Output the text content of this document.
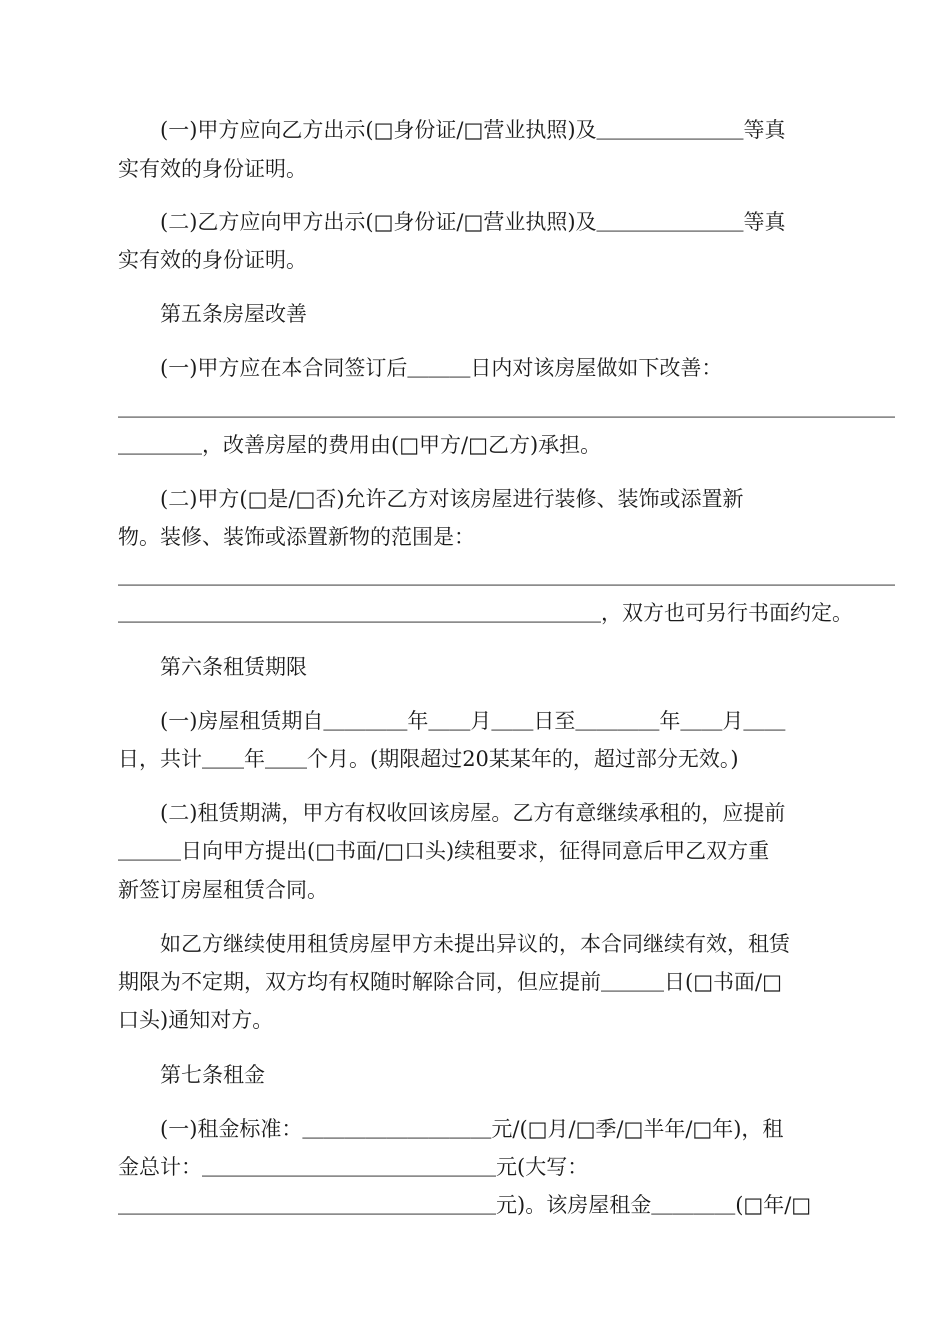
(一)甲方应向乙方出示(□身份证/□营业执照)及＿＿＿＿＿＿＿等真
实有效的身份证明。
(二)乙方应向甲方出示(□身份证/□营业执照)及＿＿＿＿＿＿＿等真
实有效的身份证明。
第五条房屋改善
(一)甲方应在本合同签订后＿＿＿日内对该房屋做如下改善：
＿＿＿＿＿＿＿＿＿＿＿＿＿＿＿＿＿＿＿＿＿＿＿＿＿＿＿＿＿＿＿＿＿＿＿＿＿
＿＿＿＿，改善房屋的费用由(□甲方/□乙方)承担。
(二)甲方(□是/□否)允许乙方对该房屋进行装修、装饰或添置新
物。装修、装饰或添置新物的范围是：
＿＿＿＿＿＿＿＿＿＿＿＿＿＿＿＿＿＿＿＿＿＿＿＿＿＿＿＿＿＿＿＿＿＿＿＿＿
＿＿＿＿＿＿＿＿＿＿＿＿＿＿＿＿＿＿＿＿＿＿＿，双方也可另行书面约定。
第六条租赁期限
(一)房屋租赁期自＿＿＿＿年＿＿月＿＿日至＿＿＿＿年＿＿月＿＿
日，共计＿＿年＿＿个月。(期限超过20某某年的，超过部分无效。)
(二)租赁期满，甲方有权收回该房屋。乙方有意继续承租的，应提前
＿＿＿日向甲方提出(□书面/□口头)续租要求，征得同意后甲乙双方重
新签订房屋租赁合同。
如乙方继续使用租赁房屋甲方未提出异议的，本合同继续有效，租赁
期限为不定期，双方均有权随时解除合同，但应提前＿＿＿日(□书面/□
口头)通知对方。
第七条租金
(一)租金标准：＿＿＿＿＿＿＿＿＿元/(□月/□季/□半年/□年)，租
金总计：＿＿＿＿＿＿＿＿＿＿＿＿＿＿元(大写：
＿＿＿＿＿＿＿＿＿＿＿＿＿＿＿＿＿＿元)。该房屋租金＿＿＿＿(□年/□
